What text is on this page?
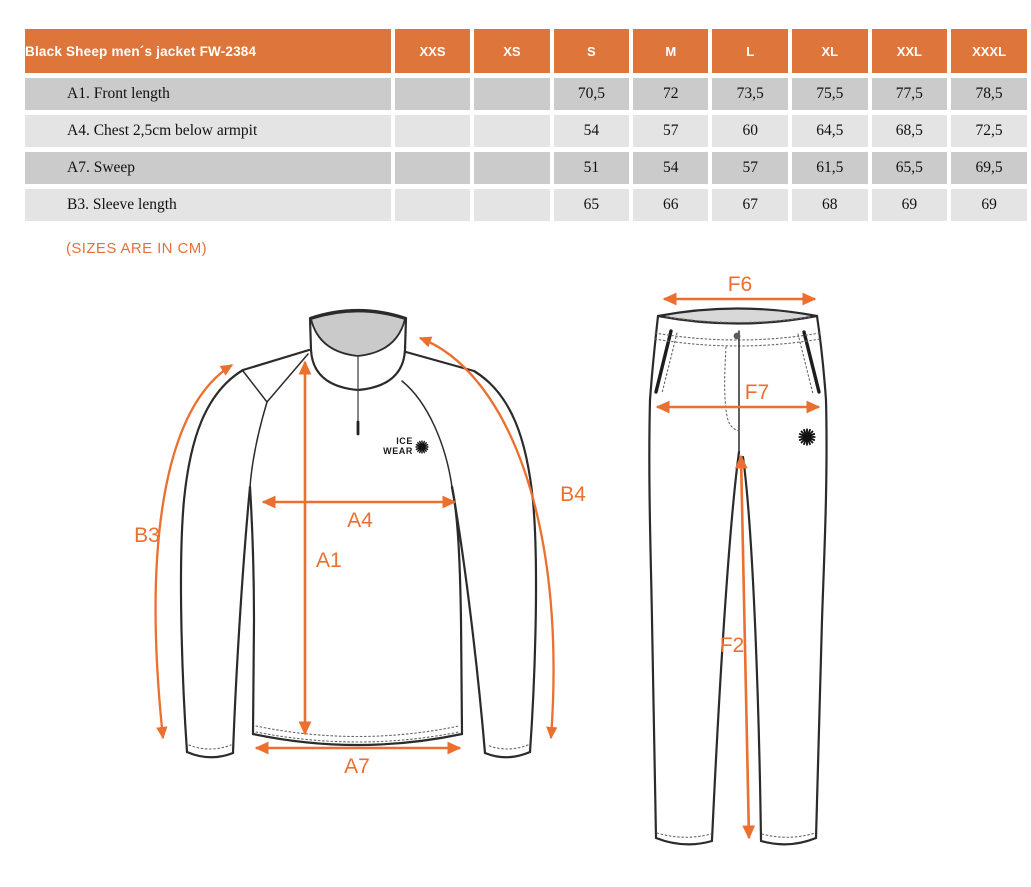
Black Sheep men´s jacket FW-2384	XXS	XS	S	M	L	XL	XXL	XXXL
A1. Front length			70,5	72	73,5	75,5	77,5	78,5
A4. Chest 2,5cm below armpit			54	57	60	64,5	68,5	72,5
A7. Sweep			51	54	57	61,5	65,5	69,5
B3. Sleeve length			65	66	67	68	69	69
(SIZES ARE IN CM)
ICE
WEAR
A1
A4
A7
B3
B4
F6
F7
F2
